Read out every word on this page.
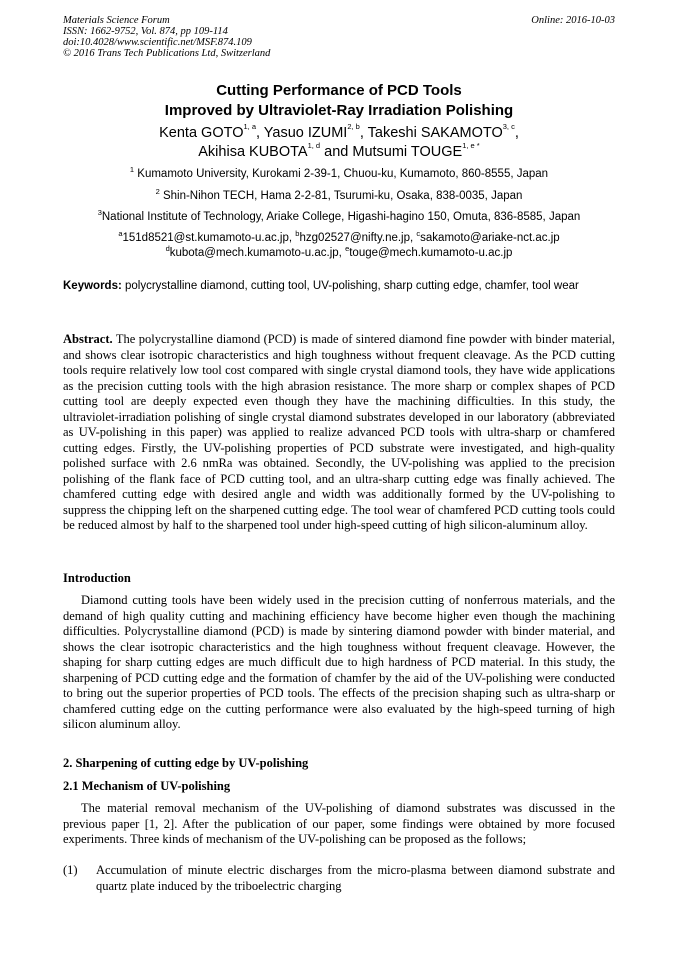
Materials Science Forum
ISSN: 1662-9752, Vol. 874, pp 109-114
doi:10.4028/www.scientific.net/MSF.874.109
© 2016 Trans Tech Publications Ltd, Switzerland
Online: 2016-10-03
Cutting Performance of PCD Tools
Improved by Ultraviolet-Ray Irradiation Polishing
Kenta GOTO$^{1, a}$, Yasuo IZUMI$^{2, b}$, Takeshi SAKAMOTO$^{3, c}$,
Akihisa KUBOTA$^{1, d}$ and Mutsumi $TOUGE^{1, e *}$
$^1$ Kumamoto University, Kurokami 2-39-1, Chuou-ku, Kumamoto, 860-8555, Japan
$^2$ Shin-Nihon TECH, Hama 2-2-81, Tsurumi-ku, Osaka, 838-0035, Japan
$^3$National Institute of Technology, Ariake College, Higashi-hagino 150, Omuta, 836-8585, Japan
$^a$151d8521@st.kumamoto-u.ac.jp, $^b$hzg02527@nifty.ne.jp, $^c$sakamoto@ariake-nct.ac.jp
$^d$kubota@mech.kumamoto-u.ac.jp, $^e$touge@mech.kumamoto-u.ac.jp
Keywords: polycrystalline diamond, cutting tool, UV-polishing, sharp cutting edge, chamfer, tool wear
Abstract. The polycrystalline diamond (PCD) is made of sintered diamond fine powder with binder material, and shows clear isotropic characteristics and high toughness without frequent cleavage. As the PCD cutting tools require relatively low tool cost compared with single crystal diamond tools, they have wide applications as the precision cutting tools with the high abrasion resistance. The more sharp or complex shapes of PCD cutting tool are deeply expected even though they have the machining difficulties. In this study, the ultraviolet-irradiation polishing of single crystal diamond substrates developed in our laboratory (abbreviated as UV-polishing in this paper) was applied to realize advanced PCD tools with ultra-sharp or chamfered cutting edges. Firstly, the UV-polishing properties of PCD substrate were investigated, and high-quality polished surface with 2.6 nmRa was obtained. Secondly, the UV-polishing was applied to the precision polishing of the flank face of PCD cutting tool, and an ultra-sharp cutting edge was finally achieved. The chamfered cutting edge with desired angle and width was additionally formed by the UV-polishing to suppress the chipping left on the sharpened cutting edge. The tool wear of chamfered PCD cutting tools could be reduced almost by half to the sharpened tool under high-speed cutting of high silicon-aluminum alloy.
Introduction
Diamond cutting tools have been widely used in the precision cutting of nonferrous materials, and the demand of high quality cutting and machining efficiency have become higher even though the machining difficulties. Polycrystalline diamond (PCD) is made by sintering diamond powder with binder material, and shows the clear isotropic characteristics and the high toughness without frequent cleavage. However, the shaping for sharp cutting edges are much difficult due to high hardness of PCD material. In this study, the sharpening of PCD cutting edge and the formation of chamfer by the aid of the UV-polishing were conducted to bring out the superior properties of PCD tools. The effects of the precision shaping such as ultra-sharp or chamfered cutting edge on the cutting performance were also evaluated by the high-speed turning of high silicon aluminum alloy.
2. Sharpening of cutting edge by UV-polishing
2.1 Mechanism of UV-polishing
The material removal mechanism of the UV-polishing of diamond substrates was discussed in the previous paper [1, 2]. After the publication of our paper, some findings were obtained by more focused experiments. Three kinds of mechanism of the UV-polishing can be proposed as the follows;
(1) Accumulation of minute electric discharges from the micro-plasma between diamond substrate and quartz plate induced by the triboelectric charging
